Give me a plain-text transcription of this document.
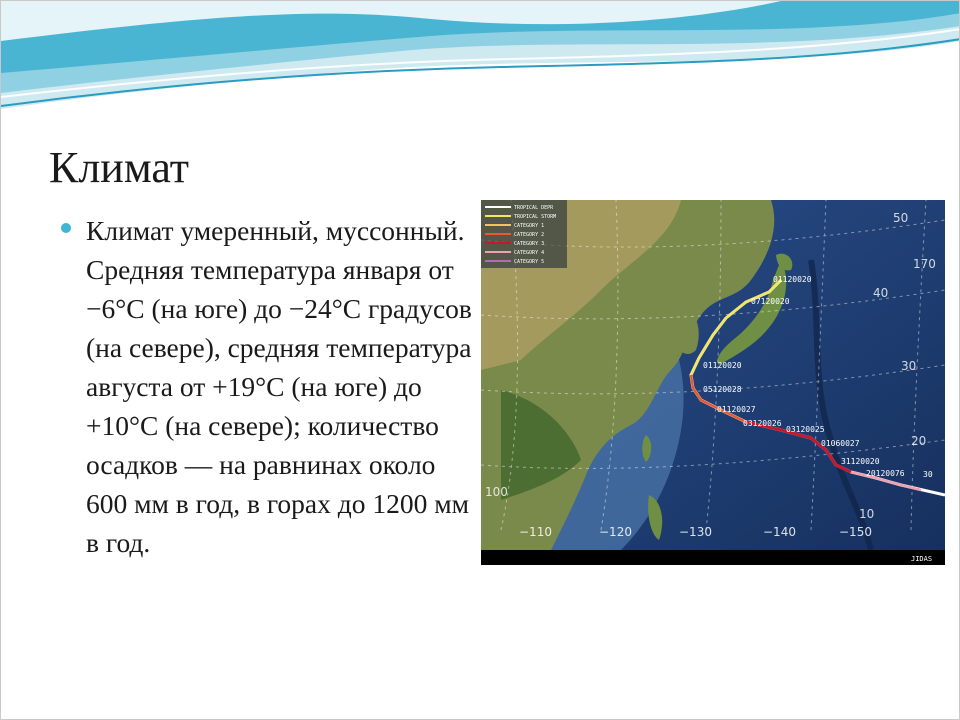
Климат
Климат умеренный, муссонный. Средняя температура января от −6°C (на юге) до −24°C градусов (на севере), средняя температура августа от +19°C (на юге) до +10°C (на севере); количество осадков — на равнинах около 600 мм в год, в горах до 1200 мм в год.
TROPICAL DEPR
TROPICAL STORM
CATEGORY 1
CATEGORY 2
CATEGORY 3
CATEGORY 4
CATEGORY 5
01120020
07120020
01120020
05120028
01120027
03120026
03120025
01060027
31120020
20120076 30
50
40
30
20
10
170
100
−110	−120	−130	−140	−150
JIDAS
